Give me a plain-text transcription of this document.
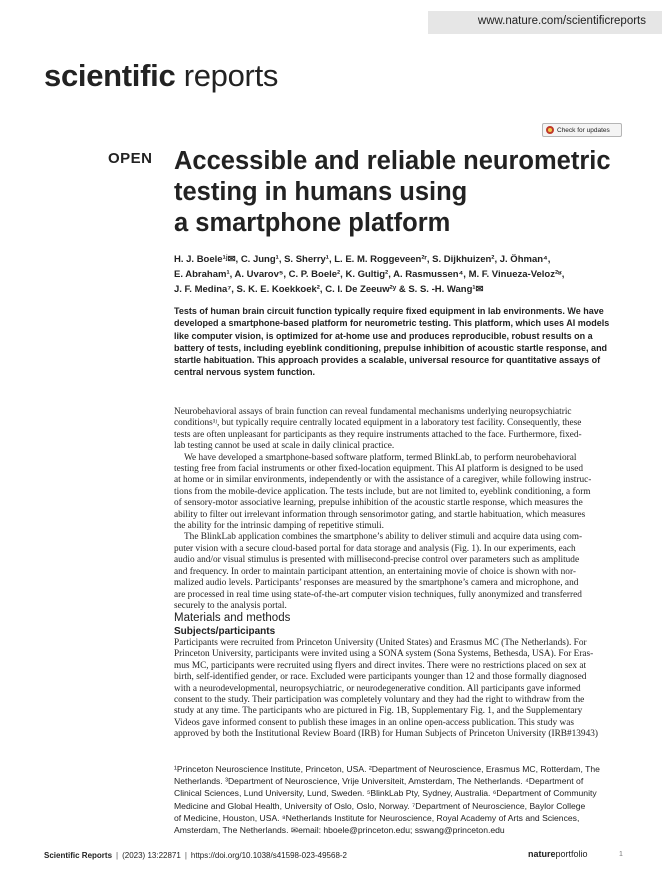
www.nature.com/scientificreports
scientific reports
Check for updates
OPEN Accessible and reliable neurometric
testing in humans using
a smartphone platform
H. J. Boele¹ʲ✉, C. Jung¹, S. Sherry¹, L. E. M. Roggeveen²ʳ, S. Dijkhuizen², J. Öhman⁴,
E. Abraham¹, A. Uvarov⁵, C. P. Boele², K. Gultig², A. Rasmussen⁴, M. F. Vinueza-Veloz²ʶ,
J. F. Medina⁷, S. K. E. Koekkoek², C. I. De Zeeuw²ʸ & S. S. -H. Wang¹✉
Tests of human brain circuit function typically require fixed equipment in lab environments. We have
developed a smartphone-based platform for neurometric testing. This platform, which uses AI models
like computer vision, is optimized for at-home use and produces reproducible, robust results on a
battery of tests, including eyeblink conditioning, prepulse inhibition of acoustic startle response, and
startle habituation. This approach provides a scalable, universal resource for quantitative assays of
central nervous system function.
Neurobehavioral assays of brain function can reveal fundamental mechanisms underlying neuropsychiatric
conditions¹ʲ, but typically require centrally located equipment in a laboratory test facility. Consequently, these
tests are often unpleasant for participants as they require instruments attached to the face. Furthermore, fixed-
lab testing cannot be used at scale in daily clinical practice.
We have developed a smartphone-based software platform, termed BlinkLab, to perform neurobehavioral
testing free from facial instruments or other fixed-location equipment. This AI platform is designed to be used
at home or in similar environments, independently or with the assistance of a caregiver, while following instruc-
tions from the mobile-device application. The tests include, but are not limited to, eyeblink conditioning, a form
of sensory-motor associative learning, prepulse inhibition of the acoustic startle response, which measures the
ability to filter out irrelevant information through sensorimotor gating, and startle habituation, which measures
the ability for the intrinsic damping of repetitive stimuli.
The BlinkLab application combines the smartphone’s ability to deliver stimuli and acquire data using com-
puter vision with a secure cloud-based portal for data storage and analysis (Fig. 1). In our experiments, each
audio and/or visual stimulus is presented with millisecond-precise control over parameters such as amplitude
and frequency. In order to maintain participant attention, an entertaining movie of choice is shown with nor-
malized audio levels. Participants’ responses are measured by the smartphone’s camera and microphone, and
are processed in real time using state-of-the-art computer vision techniques, fully anonymized and transferred
securely to the analysis portal.
Materials and methods
Subjects/participants
Participants were recruited from Princeton University (United States) and Erasmus MC (The Netherlands). For
Princeton University, participants were invited using a SONA system (Sona Systems, Bethesda, USA). For Eras-
mus MC, participants were recruited using flyers and direct invites. There were no restrictions placed on sex at
birth, self-identified gender, or race. Excluded were participants younger than 12 and those formally diagnosed
with a neurodevelopmental, neuropsychiatric, or neurodegenerative condition. All participants gave informed
consent to the study. Their participation was completely voluntary and they had the right to withdraw from the
study at any time. The participants who are pictured in Fig. 1B, Supplementary Fig. 1, and the Supplementary
Videos gave informed consent to publish these images in an online open-access publication. This study was
approved by both the Institutional Review Board (IRB) for Human Subjects of Princeton University (IRB#13943)
¹Princeton Neuroscience Institute, Princeton, USA. ²Department of Neuroscience, Erasmus MC, Rotterdam, The
Netherlands. ³Department of Neuroscience, Vrije Universiteit, Amsterdam, The Netherlands. ⁴Department of
Clinical Sciences, Lund University, Lund, Sweden. ⁵BlinkLab Pty, Sydney, Australia. ⁶Department of Community
Medicine and Global Health, University of Oslo, Oslo, Norway. ⁷Department of Neuroscience, Baylor College
of Medicine, Houston, USA. ⁸Netherlands Institute for Neuroscience, Royal Academy of Arts and Sciences,
Amsterdam, The Netherlands. ✉email: hboele@princeton.edu; sswang@princeton.edu
Scientific Reports | (2023) 13:22871 | https://doi.org/10.1038/s41598-023-49568-2	natureportfolio	1
